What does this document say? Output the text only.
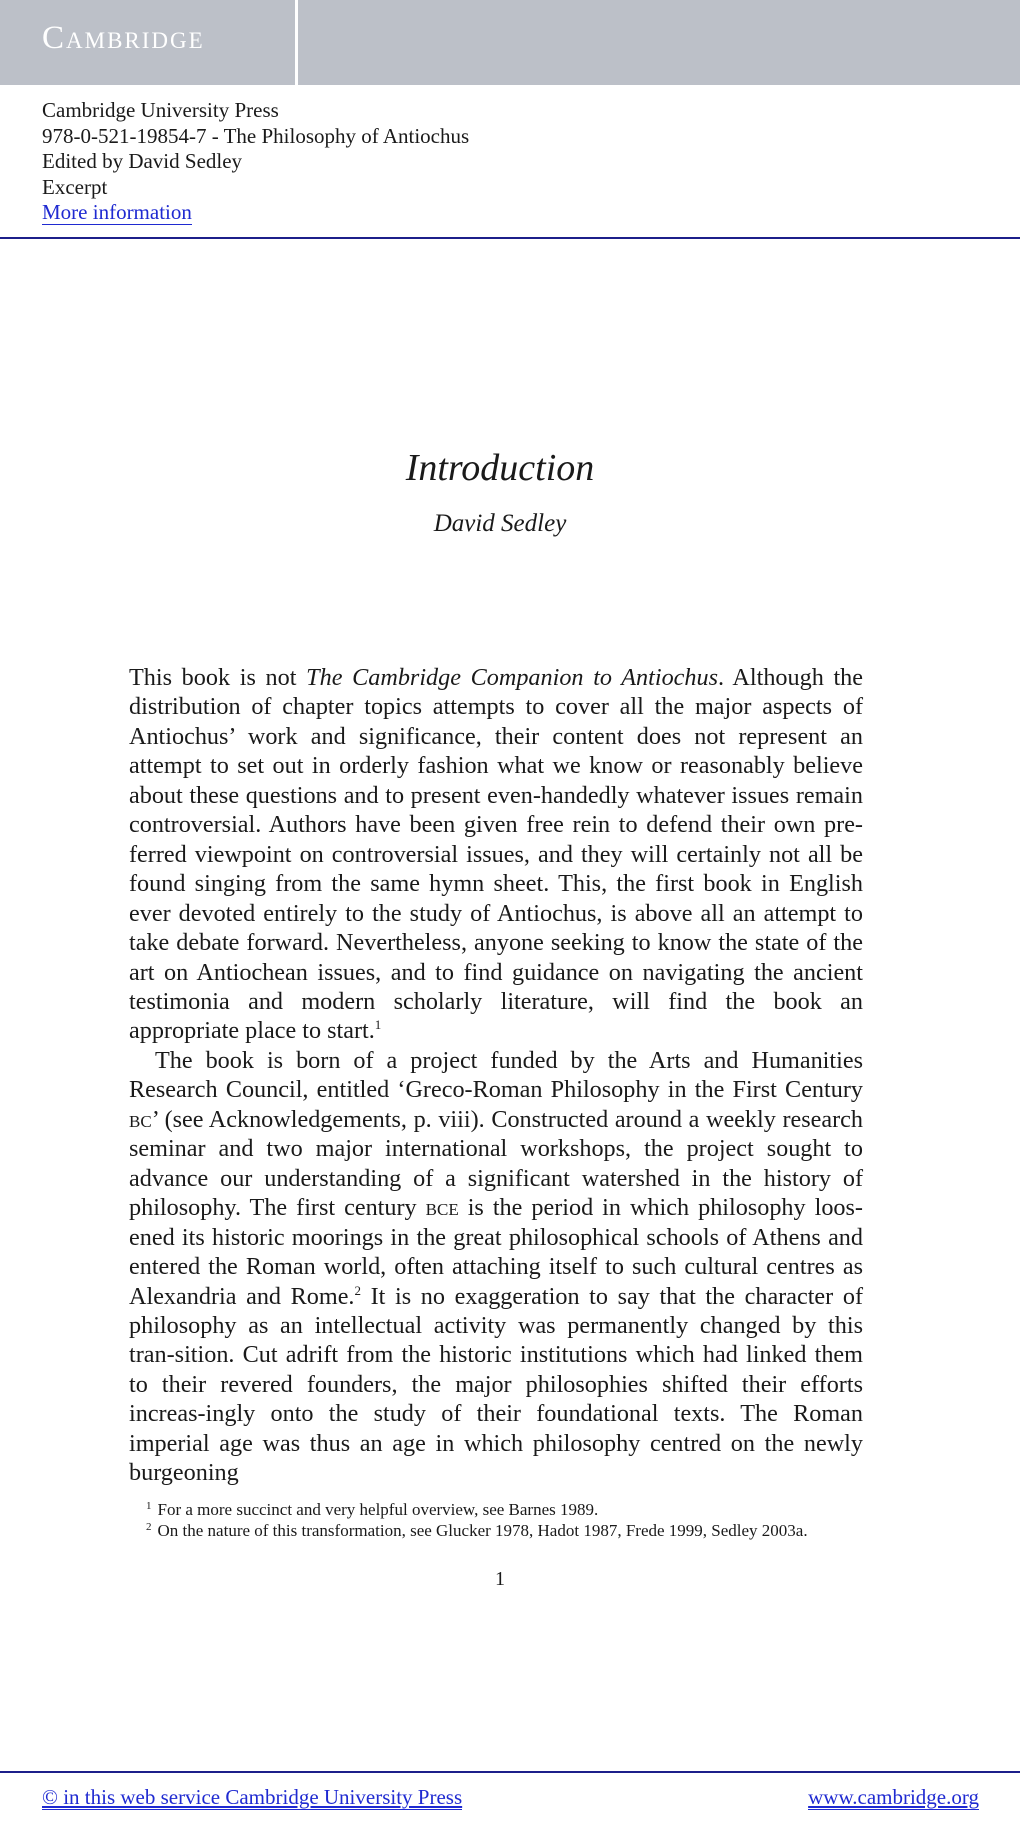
Cambridge
Cambridge University Press
978-0-521-19854-7 - The Philosophy of Antiochus
Edited by David Sedley
Excerpt
More information
Introduction
David Sedley

This book is not The Cambridge Companion to Antiochus. Although the distribution of chapter topics attempts to cover all the major aspects of Antiochus’ work and significance, their content does not represent an attempt to set out in orderly fashion what we know or reasonably believe about these questions and to present even-handedly whatever issues remain controversial. Authors have been given free rein to defend their own pre-ferred viewpoint on controversial issues, and they will certainly not all be found singing from the same hymn sheet. This, the first book in English ever devoted entirely to the study of Antiochus, is above all an attempt to take debate forward. Nevertheless, anyone seeking to know the state of the art on Antiochean issues, and to find guidance on navigating the ancient testimonia and modern scholarly literature, will find the book an appropriate place to start.$^1$

The book is born of a project funded by the Arts and Humanities Research Council, entitled ‘Greco-Roman Philosophy in the First Century bc’ (see Acknowledgements, p. viii). Constructed around a weekly research seminar and two major international workshops, the project sought to advance our understanding of a significant watershed in the history of philosophy. The first century bce is the period in which philosophy loos-ened its historic moorings in the great philosophical schools of Athens and entered the Roman world, often attaching itself to such cultural centres as Alexandria and Rome.$^2$ It is no exaggeration to say that the character of philosophy as an intellectual activity was permanently changed by this tran-sition. Cut adrift from the historic institutions which had linked them to their revered founders, the major philosophies shifted their efforts increas-ingly onto the study of their foundational texts. The Roman imperial age was thus an age in which philosophy centred on the newly burgeoning

$^1$ For a more succinct and very helpful overview, see Barnes 1989.
$^2$ On the nature of this transformation, see Glucker 1978, Hadot 1987, Frede 1999, Sedley 2003a.
1
© in this web service Cambridge University Press	www.cambridge.org
